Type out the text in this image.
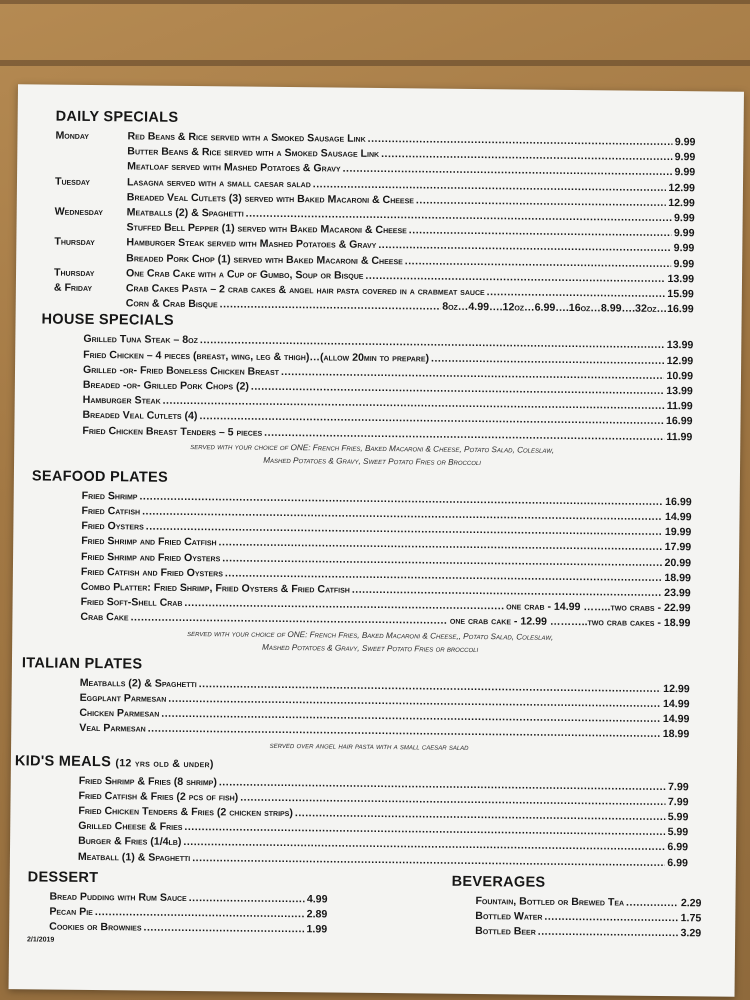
DAILY SPECIALS
Monday	Red Beans & Rice served with a Smoked Sausage Link .....	9.99
Butter Beans & Rice served with a Smoked Sausage Link .....	9.99
Meatloaf served with Mashed Potatoes & Gravy .....	9.99
Tuesday	Lasagna served with a small caesar salad .....	12.99
Breaded Veal Cutlets (3) served with Baked Macaroni & Cheese .....	12.99
Wednesday	Meatballs (2) & Spaghetti .....	9.99
Stuffed Bell Pepper (1) served with Baked Macaroni & Cheese .....	9.99
Thursday	Hamburger Steak served with Mashed Potatoes & Gravy .....	9.99
Breaded Pork Chop (1) served with Baked Macaroni & Cheese .....	9.99
Thursday	One Crab Cake with a Cup of Gumbo, Soup or Bisque .....	13.99
& Friday	Crab Cakes Pasta – 2 crab cakes & angel hair pasta covered in a crabmeat sauce .....	15.99
Corn & Crab Bisque .....	8oz…4.99….12oz…6.99….16oz…8.99….32oz…16.99
HOUSE SPECIALS
Grilled Tuna Steak – 8oz .....	13.99
Fried Chicken – 4 pieces (breast, wing, leg & thigh)…(allow 20min to prepare) .....	12.99
Grilled -or- Fried Boneless Chicken Breast .....	10.99
Breaded -or- Grilled Pork Chops (2) .....	13.99
Hamburger Steak .....	11.99
Breaded Veal Cutlets (4) .....	16.99
Fried Chicken Breast Tenders – 5 pieces .....	11.99
served with your choice of ONE: French Fries, Baked Macaroni & Cheese, Potato Salad, Coleslaw,
Mashed Potatoes & Gravy, Sweet Potato Fries or Broccoli
SEAFOOD PLATES
Fried Shrimp .....	16.99
Fried Catfish .....	14.99
Fried Oysters .....	19.99
Fried Shrimp and Fried Catfish .....	17.99
Fried Shrimp and Fried Oysters .....	20.99
Fried Catfish and Fried Oysters .....	18.99
Combo Platter: Fried Shrimp, Fried Oysters & Fried Catfish .....	23.99
Fried Soft-Shell Crab .....	one crab - 14.99 ……..two crabs - 22.99
Crab Cake .....	one crab cake - 12.99 ………..two crab cakes - 18.99
served with your choice of ONE: French Fries, Baked Macaroni & Cheese,, Potato Salad, Coleslaw,
Mashed Potatoes & Gravy, Sweet Potato Fries or broccoli
ITALIAN PLATES
Meatballs (2) & Spaghetti .....	12.99
Eggplant Parmesan .....	14.99
Chicken Parmesan .....	14.99
Veal Parmesan .....	18.99
served over angel hair pasta with a small caesar salad
KID'S MEALS (12 yrs old & under)
Fried Shrimp & Fries (8 shrimp) .....	7.99
Fried Catfish & Fries (2 pcs of fish) .....	7.99
Fried Chicken Tenders & Fries (2 chicken strips) .....	5.99
Grilled Cheese & Fries .....	5.99
Burger & Fries (1/4lb) .....	6.99
Meatball (1) & Spaghetti .....	6.99
DESSERT
Bread Pudding with Rum Sauce .....	4.99
Pecan Pie .....	2.89
Cookies or Brownies .....	1.99
2/1/2019
BEVERAGES
Fountain, Bottled or Brewed Tea .....	2.29
Bottled Water .....	1.75
Bottled Beer .....	3.29
